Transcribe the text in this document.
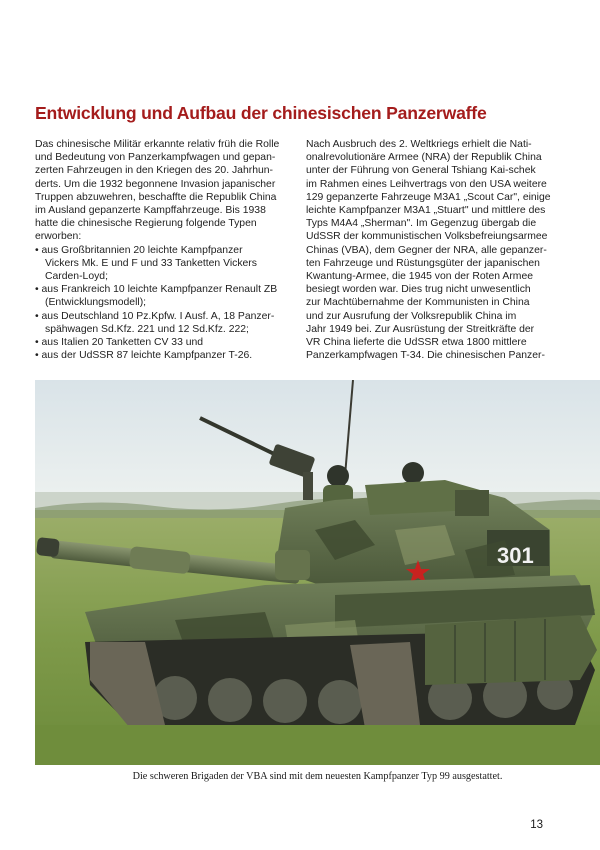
Entwicklung und Aufbau der chinesischen Panzerwaffe
Das chinesische Militär erkannte relativ früh die Rolle
und Bedeutung von Panzerkampfwagen und gepan-
zerten Fahrzeugen in den Kriegen des 20. Jahrhun-
derts. Um die 1932 begonnene Invasion japanischer
Truppen abzuwehren, beschaffte die Republik China
im Ausland gepanzerte Kampffahrzeuge. Bis 1938
hatte die chinesische Regierung folgende Typen
erworben:
• aus Großbritannien 20 leichte Kampfpanzer
Vickers Mk. E und F und 33 Tanketten Vickers
Carden-Loyd;
• aus Frankreich 10 leichte Kampfpanzer Renault ZB
(Entwicklungsmodell);
• aus Deutschland 10 Pz.Kpfw. I Ausf. A, 18 Panzer-
spähwagen Sd.Kfz. 221 und 12 Sd.Kfz. 222;
• aus Italien 20 Tanketten CV 33 und
• aus der UdSSR 87 leichte Kampfpanzer T-26.
Nach Ausbruch des 2. Weltkriegs erhielt die Nati-
onalrevolutionäre Armee (NRA) der Republik China
unter der Führung von General Tshiang Kai-schek
im Rahmen eines Leihvertrags von den USA weitere
129 gepanzerte Fahrzeuge M3A1 „Scout Car", einige
leichte Kampfpanzer M3A1 „Stuart" und mittlere des
Typs M4A4 „Sherman". Im Gegenzug übergab die
UdSSR der kommunistischen Volksbefreiungsarmee
Chinas (VBA), dem Gegner der NRA, alle gepanzer-
ten Fahrzeuge und Rüstungsgüter der japanischen
Kwantung-Armee, die 1945 von der Roten Armee
besiegt worden war. Dies trug nicht unwesentlich
zur Machtübernahme der Kommunisten in China
und zur Ausrufung der Volksrepublik China im
Jahr 1949 bei. Zur Ausrüstung der Streitkräfte der
VR China lieferte die UdSSR etwa 1800 mittlere
Panzerkampfwagen T-34. Die chinesischen Panzer-
301
Die schweren Brigaden der VBA sind mit dem neuesten Kampfpanzer Typ 99 ausgestattet.
13
